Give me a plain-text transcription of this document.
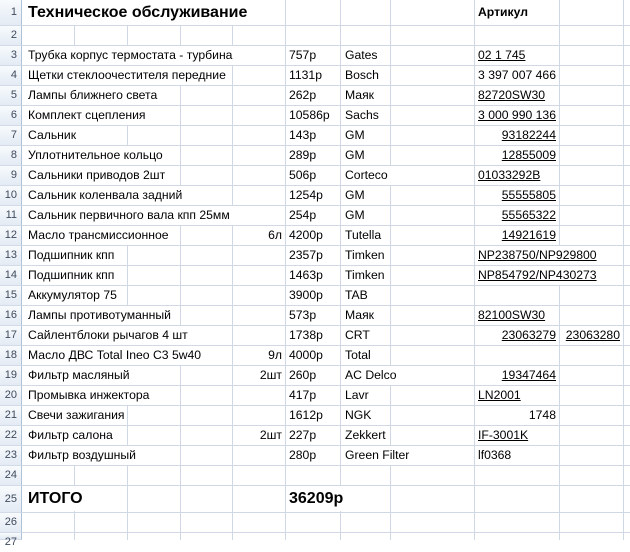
1 Техническое обслуживание	Артикул
2
3 Трубка корпус термостата - турбина	757р Gates	02 1 745
4 Щетки стеклоочестителя передние	1131р Bosch	3 397 007 466
5 Лампы ближнего света	262р Маяк	82720SW30
6 Комплект сцепления	10586р Sachs	3 000 990 136
7 Сальник	143р GM	93182244
8 Уплотнительное кольцо	289р GM	12855009
9 Сальники приводов 2шт	506р Corteco	01033292B
10 Сальник коленвала задний	1254р GM	55555805
11 Сальник первичного вала кпп 25мм	254р GM	55565322
12 Масло трансмиссионное	6л 4200р Tutella	14921619
13 Подшипник кпп	2357р Timken	NP238750/NP929800
14 Подшипник кпп	1463р Timken	NP854792/NP430273
15 Аккумулятор 75	3900р TAB
16 Лампы противотуманный	573р Маяк	82100SW30
17 Сайлентблоки рычагов 4 шт	1738р CRT	23063279 23063280
18 Масло ДВС Total Ineo C3 5w40	9л 4000р Total
19 Фильтр масляный	2шт 260р AC Delco	19347464
20 Промывка инжектора	417р Lavr	LN2001
21 Свечи зажигания	1612р NGK	1748
22 Фильтр салона	2шт 227р Zekkert	IF-3001K
23 Фильтр воздушный	280р Green Filter	lf0368
24
25 ИТОГО	36209р
26
27
